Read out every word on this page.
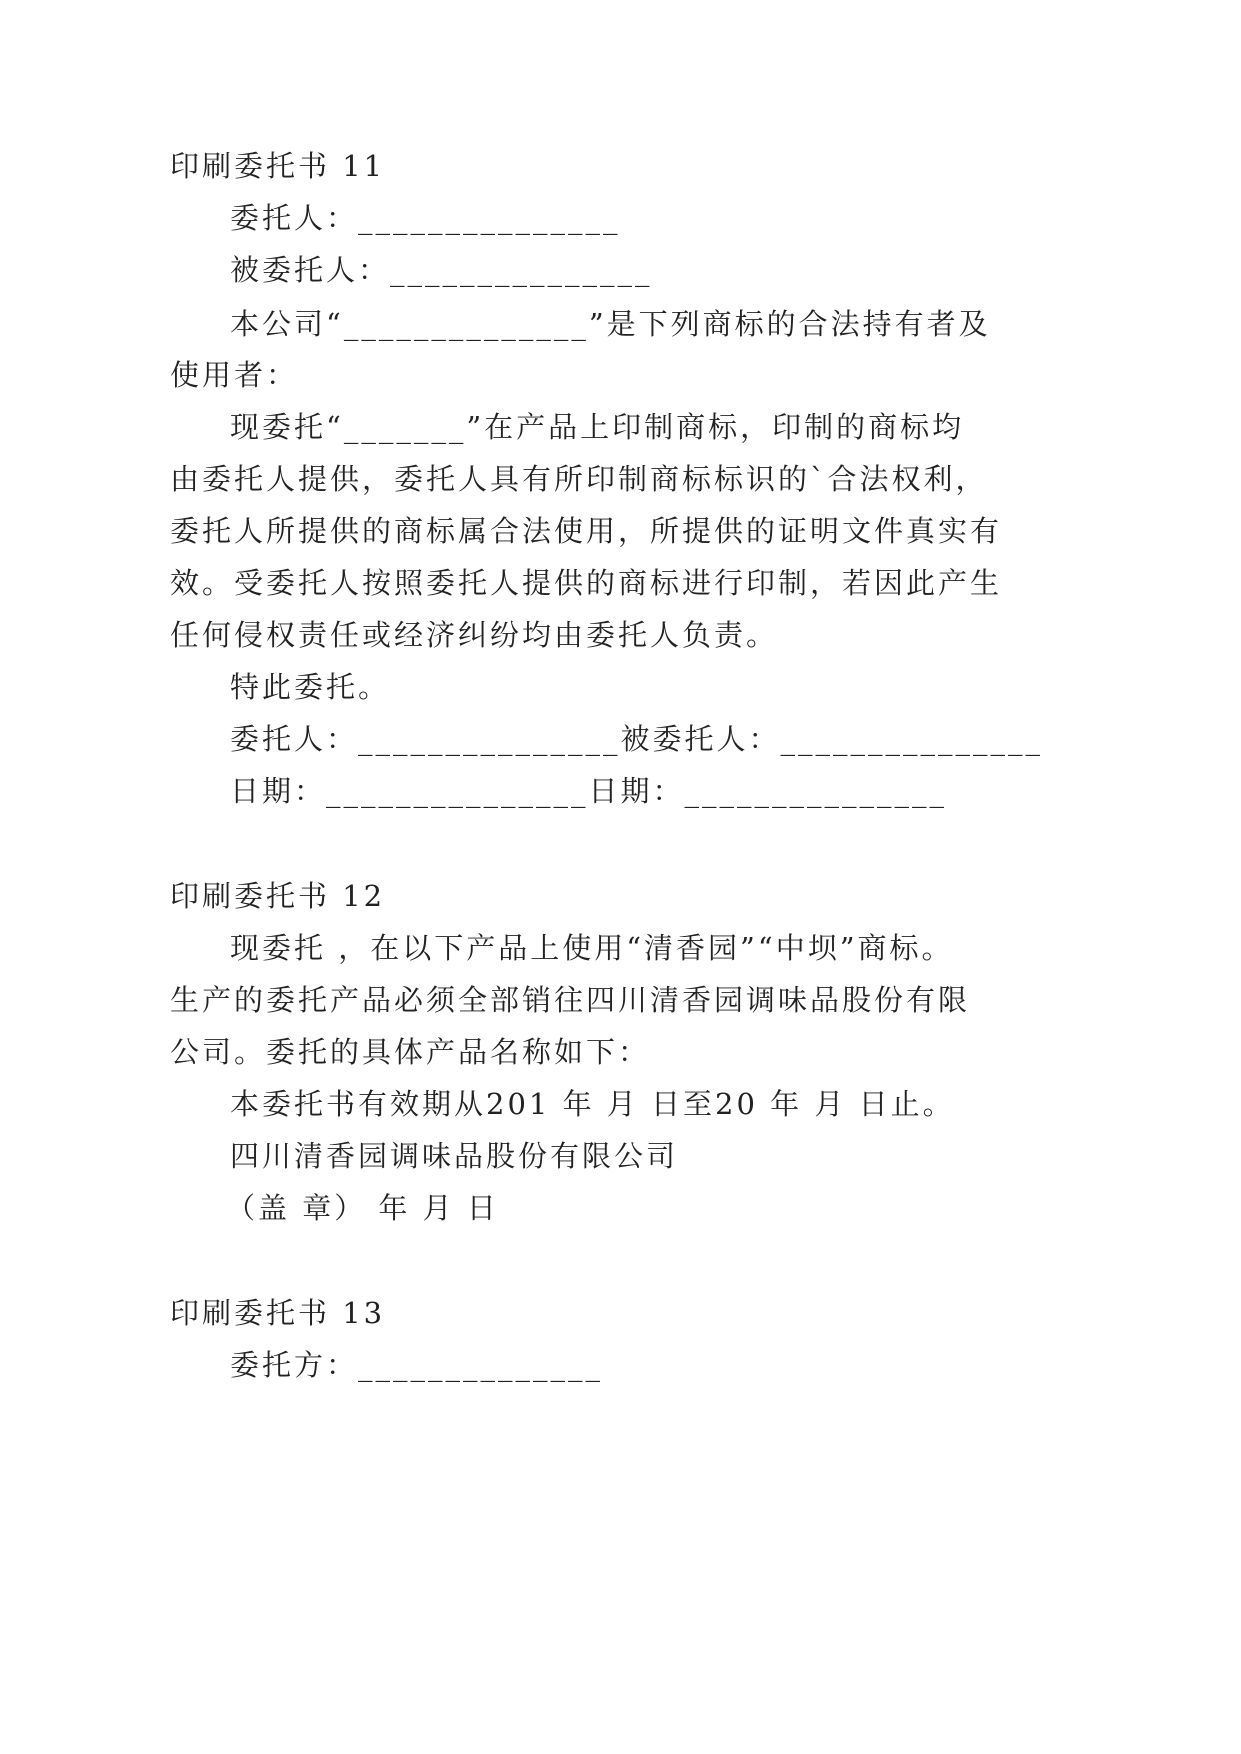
印刷委托书 11
委托人：_______________
被委托人：_______________
本公司“______________”是下列商标的合法持有者及
使用者：
现委托“_______”在产品上印制商标，印制的商标均
由委托人提供，委托人具有所印制商标标识的`合法权利，
委托人所提供的商标属合法使用，所提供的证明文件真实有
效。受委托人按照委托人提供的商标进行印制，若因此产生
任何侵权责任或经济纠纷均由委托人负责。
特此委托。
委托人：_______________被委托人：_______________
日期：_______________日期：_______________
印刷委托书 12
现委托 ，在以下产品上使用“清香园”“中坝”商标。
生产的委托产品必须全部销往四川清香园调味品股份有限
公司。委托的具体产品名称如下：
本委托书有效期从201 年 月 日至20 年 月 日止。
四川清香园调味品股份有限公司
（盖 章） 年 月 日
印刷委托书 13
委托方：______________
